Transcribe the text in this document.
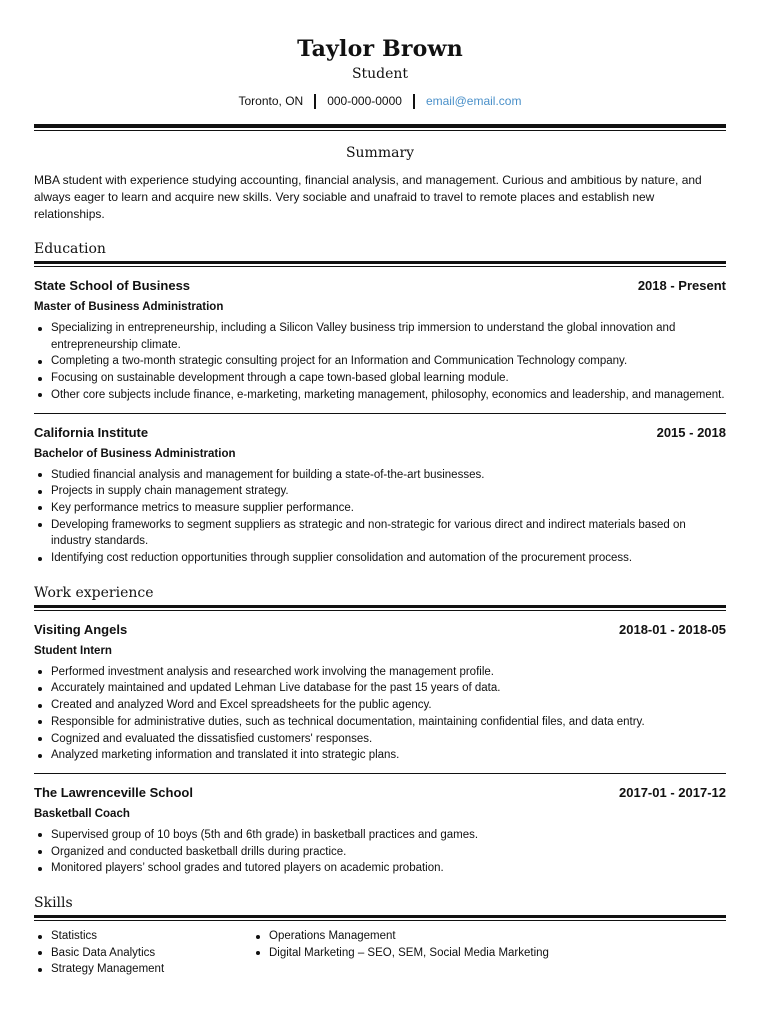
Taylor Brown
Student
Toronto, ON 000-000-0000 email@email.com
Summary
MBA student with experience studying accounting, financial analysis, and management. Curious and ambitious by nature, and always eager to learn and acquire new skills. Very sociable and unafraid to travel to remote places and establish new relationships.
Education
State School of Business	2018 - Present
Master of Business Administration
Specializing in entrepreneurship, including a Silicon Valley business trip immersion to understand the global innovation and entrepreneurship climate.
Completing a two-month strategic consulting project for an Information and Communication Technology company.
Focusing on sustainable development through a cape town-based global learning module.
Other core subjects include finance, e-marketing, marketing management, philosophy, economics and leadership, and management.
California Institute	2015 - 2018
Bachelor of Business Administration
Studied financial analysis and management for building a state-of-the-art businesses.
Projects in supply chain management strategy.
Key performance metrics to measure supplier performance.
Developing frameworks to segment suppliers as strategic and non-strategic for various direct and indirect materials based on industry standards.
Identifying cost reduction opportunities through supplier consolidation and automation of the procurement process.
Work experience
Visiting Angels	2018-01 - 2018-05
Student Intern
Performed investment analysis and researched work involving the management profile.
Accurately maintained and updated Lehman Live database for the past 15 years of data.
Created and analyzed Word and Excel spreadsheets for the public agency.
Responsible for administrative duties, such as technical documentation, maintaining confidential files, and data entry.
Cognized and evaluated the dissatisfied customers' responses.
Analyzed marketing information and translated it into strategic plans.
The Lawrenceville School	2017-01 - 2017-12
Basketball Coach
Supervised group of 10 boys (5th and 6th grade) in basketball practices and games.
Organized and conducted basketball drills during practice.
Monitored players’ school grades and tutored players on academic probation.
Skills
Statistics
Basic Data Analytics
Strategy Management
Operations Management
Digital Marketing – SEO, SEM, Social Media Marketing
